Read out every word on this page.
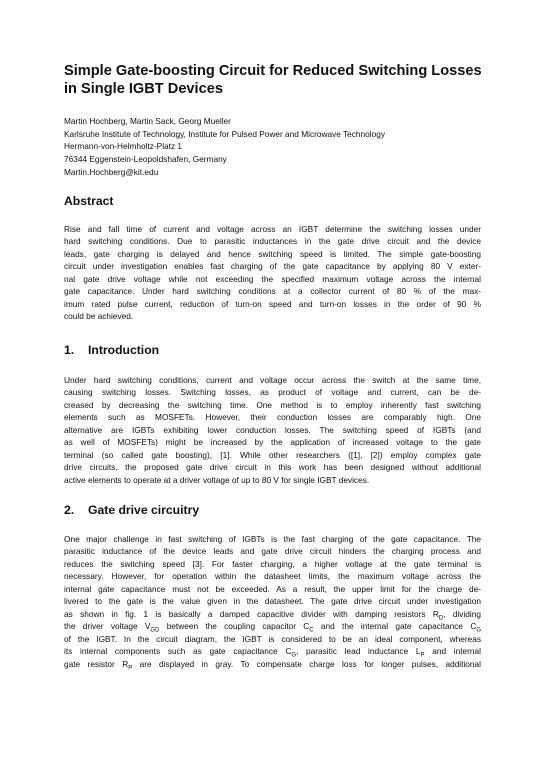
Simple Gate-boosting Circuit for Reduced Switching Losses
in Single IGBT Devices
Martin Hochberg, Martin Sack, Georg Mueller
Karlsruhe Institute of Technology, Institute for Pulsed Power and Microwave Technology
Hermann-von-Helmholtz-Platz 1
76344 Eggenstein-Leopoldshafen, Germany
Martin.Hochberg@kit.edu
Abstract
Rise and fall time of current and voltage across an IGBT determine the switching losses under
hard switching conditions. Due to parasitic inductances in the gate drive circuit and the device
leads, gate charging is delayed and hence switching speed is limited. The simple gate-boosting
circuit under investigation enables fast charging of the gate capacitance by applying 80 V exter-
nal gate drive voltage while not exceeding the specified maximum voltage across the internal
gate capacitance. Under hard switching conditions at a collector current of 80 % of the max-
imum rated pulse current, reduction of turn-on speed and turn-on losses in the order of 90 %
could be achieved.
1. Introduction
Under hard switching conditions, current and voltage occur across the switch at the same time,
causing switching losses. Switching losses, as product of voltage and current, can be de-
creased by decreasing the switching time. One method is to employ inherently fast switching
elements such as MOSFETs. However, their conduction losses are comparably high. One
alternative are IGBTs exhibiting lower conduction losses. The switching speed of IGBTs (and
as well of MOSFETs) might be increased by the application of increased voltage to the gate
terminal (so called gate boosting), [1]. While other researchers ([1], [2]) employ complex gate
drive circuits, the proposed gate drive circuit in this work has been designed without additional
active elements to operate at a driver voltage of up to 80 V for single IGBT devices.
2. Gate drive circuitry
One major challenge in fast switching of IGBTs is the fast charging of the gate capacitance. The
parasitic inductance of the device leads and gate drive circuit hinders the charging process and
reduces the switching speed [3]. For faster charging, a higher voltage at the gate terminal is
necessary. However, for operation within the datasheet limits, the maximum voltage across the
internal gate capacitance must not be exceeded. As a result, the upper limit for the charge de-
livered to the gate is the value given in the datasheet. The gate drive circuit under investigation
as shown in fig. 1 is basically a damped capacitive divider with damping resistors $R_D$, dividing
the driver voltage $V_{GD}$ between the coupling capacitor $C_C$ and the internal gate capacitance $C_G$
of the IGBT. In the circuit diagram, the IGBT is considered to be an ideal component, whereas
its internal components such as gate capacitance $C_G$, parasitic lead inductance $L_P$ and internal
gate resistor $R_P$ are displayed in gray. To compensate charge loss for longer pulses, additional
